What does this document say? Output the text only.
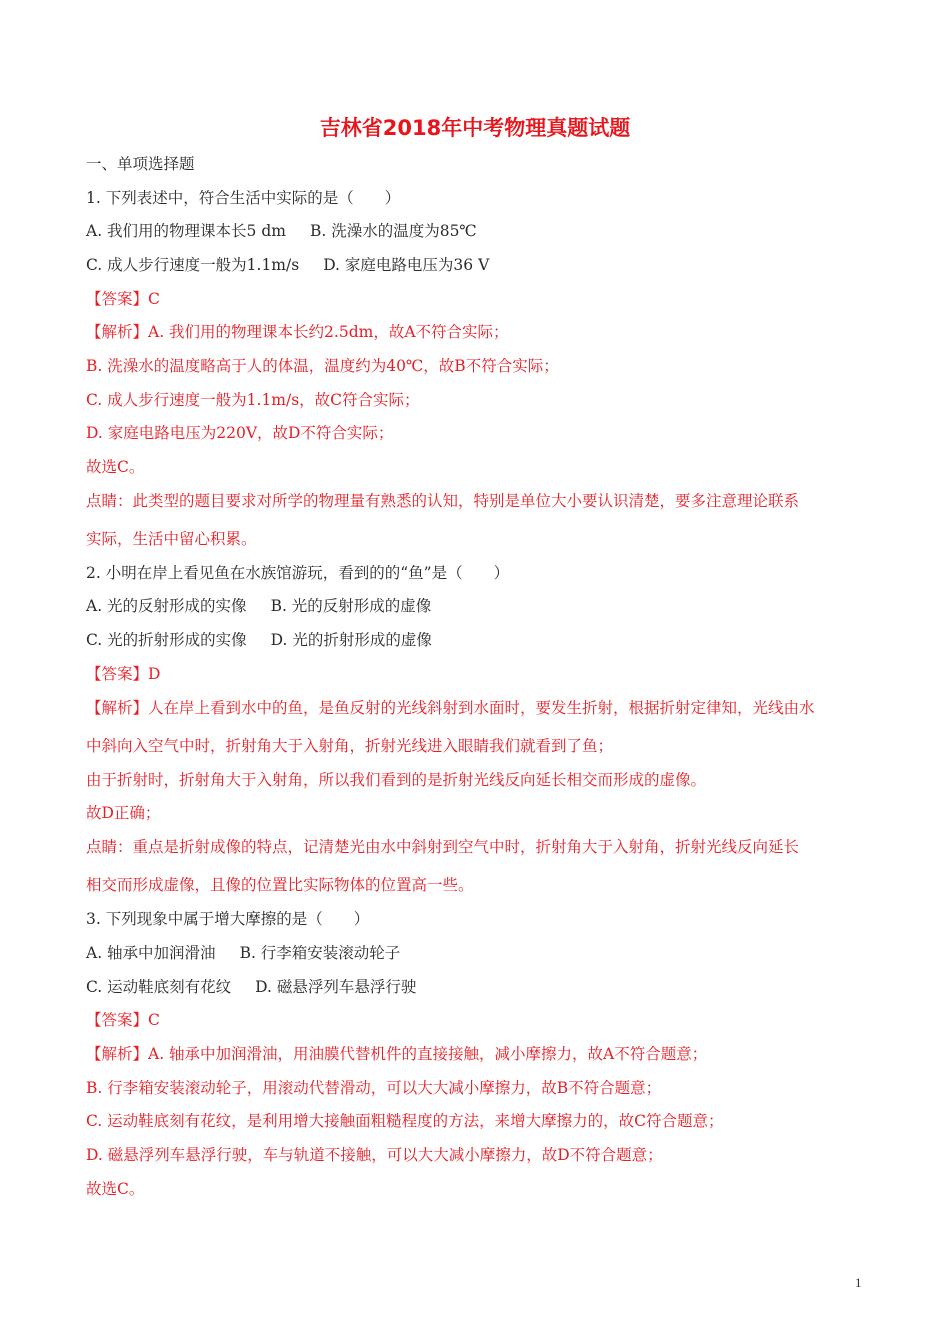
吉林省2018年中考物理真题试题
一、单项选择题
1. 下列表述中，符合生活中实际的是（　　）
A. 我们用的物理课本长5 dm B. 洗澡水的温度为85℃
C. 成人步行速度一般为1.1m/s D. 家庭电路电压为36 V
【答案】C
【解析】A. 我们用的物理课本长约2.5dm，故A不符合实际；
B. 洗澡水的温度略高于人的体温，温度约为40℃，故B不符合实际；
C. 成人步行速度一般为1.1m/s，故C符合实际；
D. 家庭电路电压为220V，故D不符合实际；
故选C。
点睛：此类型的题目要求对所学的物理量有熟悉的认知，特别是单位大小要认识清楚，要多注意理论联系
实际，生活中留心积累。
2. 小明在岸上看见鱼在水族馆游玩，看到的的“鱼”是（　　）
A. 光的反射形成的实像 B. 光的反射形成的虚像
C. 光的折射形成的实像 D. 光的折射形成的虚像
【答案】D
【解析】人在岸上看到水中的鱼，是鱼反射的光线斜射到水面时，要发生折射，根据折射定律知，光线由水
中斜向入空气中时，折射角大于入射角，折射光线进入眼睛我们就看到了鱼；
由于折射时，折射角大于入射角，所以我们看到的是折射光线反向延长相交而形成的虚像。
故D正确；
点睛：重点是折射成像的特点，记清楚光由水中斜射到空气中时，折射角大于入射角，折射光线反向延长
相交而形成虚像，且像的位置比实际物体的位置高一些。
3. 下列现象中属于增大摩擦的是（　　）
A. 轴承中加润滑油 B. 行李箱安装滚动轮子
C. 运动鞋底刻有花纹 D. 磁悬浮列车悬浮行驶
【答案】C
【解析】A. 轴承中加润滑油，用油膜代替机件的直接接触，减小摩擦力，故A不符合题意；
B. 行李箱安装滚动轮子，用滚动代替滑动，可以大大减小摩擦力，故B不符合题意；
C. 运动鞋底刻有花纹，是利用增大接触面粗糙程度的方法，来增大摩擦力的，故C符合题意；
D. 磁悬浮列车悬浮行驶，车与轨道不接触，可以大大减小摩擦力，故D不符合题意；
故选C。
1
